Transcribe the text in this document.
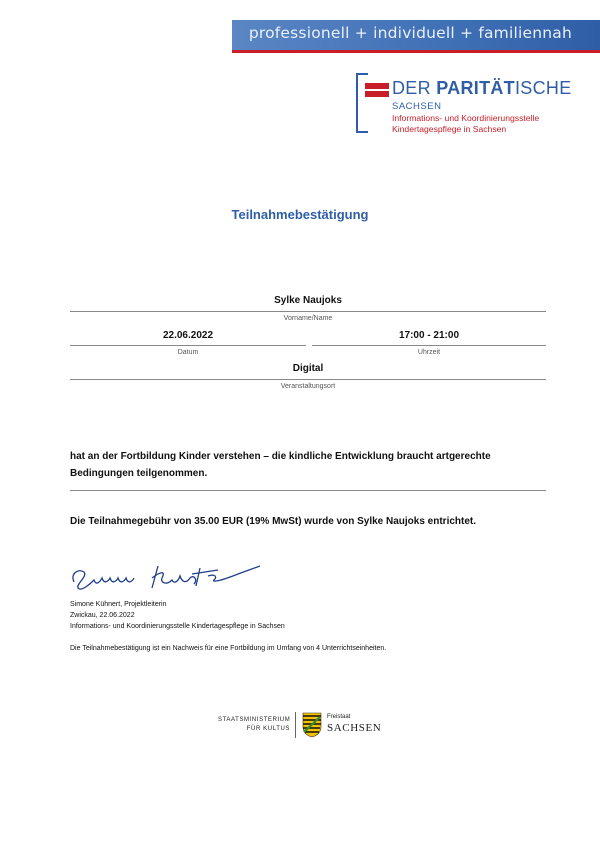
professionell + individuell + familiennah
DER PARITÄTISCHE
SACHSEN
Informations- und Koordinierungsstelle
Kindertagespflege in Sachsen
Teilnahmebestätigung
Sylke Naujoks
Vorname/Name
22.06.2022	17:00 - 21:00
Datum	Uhrzeit
Digital
Veranstaltungsort
hat an der Fortbildung Kinder verstehen – die kindliche Entwicklung braucht artgerechte Bedingungen teilgenommen.
Die Teilnahmegebühr von 35.00 EUR (19% MwSt) wurde von Sylke Naujoks entrichtet.
Simone Kühnert, Projektleiterin
Zwickau, 22.06.2022
Informations- und Koordinierungsstelle Kindertagespflege in Sachsen
Die Teilnahmebestätigung ist ein Nachweis für eine Fortbildung im Umfang von 4 Unterrichtseinheiten.
STAATSMINISTERIUM
FÜR KULTUS
Freistaat
SACHSEN
